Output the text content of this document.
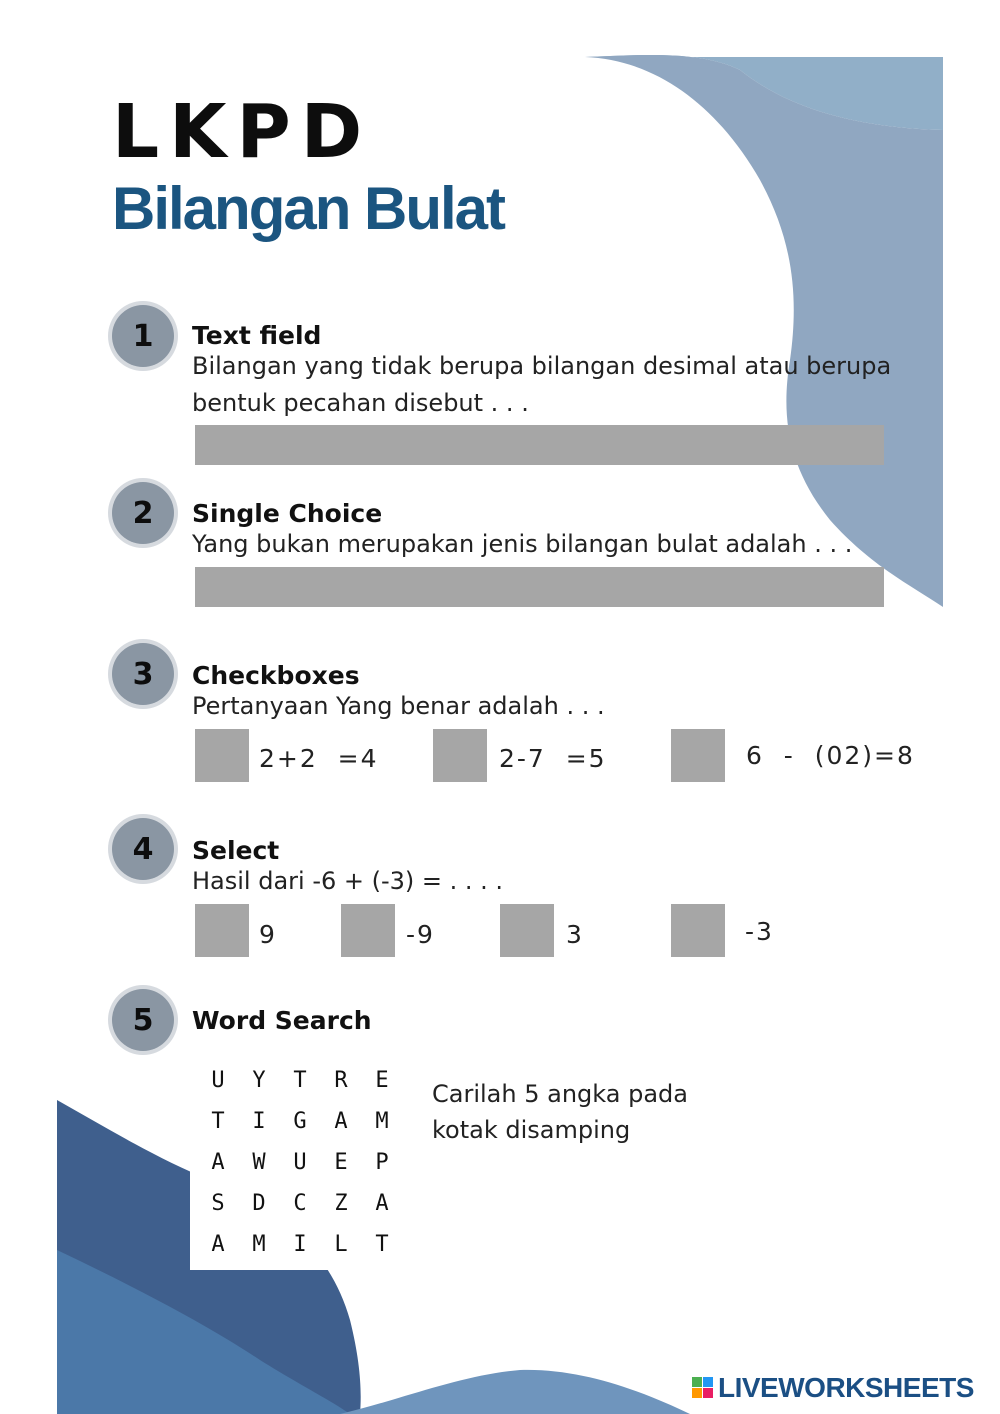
LKPD
Bilangan Bulat
1	Text field

Bilangan yang tidak berupa bilangan desimal atau berupa bentuk pecahan disebut . . .

2	Single Choice

Yang bukan merupakan jenis bilangan bulat adalah . . .

3	Checkboxes

Pertanyaan Yang benar adalah . . .

2+2  =4	2-7  =5	6  -  (02)=8
4	Select

Hasil dari -6 + (-3) = . . . .

9	-9	3	-3
5	Word Search
U	Y	T	R	E
T	I	G	A	M
A	W	U	E	P
S	D	C	Z	A
A	M	I	L	T

Carilah 5 angka pada kotak disamping

LIVEWORKSHEETS
